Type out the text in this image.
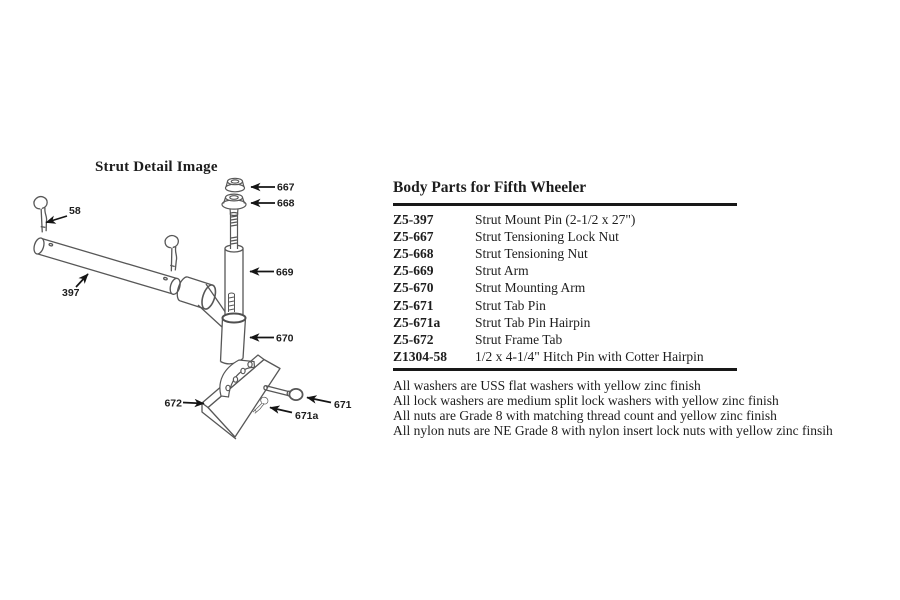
Strut Detail Image
667
668
669
670
671
671a
672
397
58
Body Parts for Fifth Wheeler
Z5-397	Strut Mount Pin (2-1/2 x 27")
Z5-667	Strut Tensioning Lock Nut
Z5-668	Strut Tensioning Nut
Z5-669	Strut Arm
Z5-670	Strut Mounting Arm
Z5-671	Strut Tab Pin
Z5-671a	Strut Tab Pin Hairpin
Z5-672	Strut Frame Tab
Z1304-58	1/2 x 4-1/4" Hitch Pin with Cotter Hairpin
All washers are USS flat washers with yellow zinc finish
All lock washers are medium split lock washers with yellow zinc finish
All nuts are Grade 8 with matching thread count and yellow zinc finish
All nylon nuts are NE Grade 8 with nylon insert lock nuts with yellow zinc finsih
